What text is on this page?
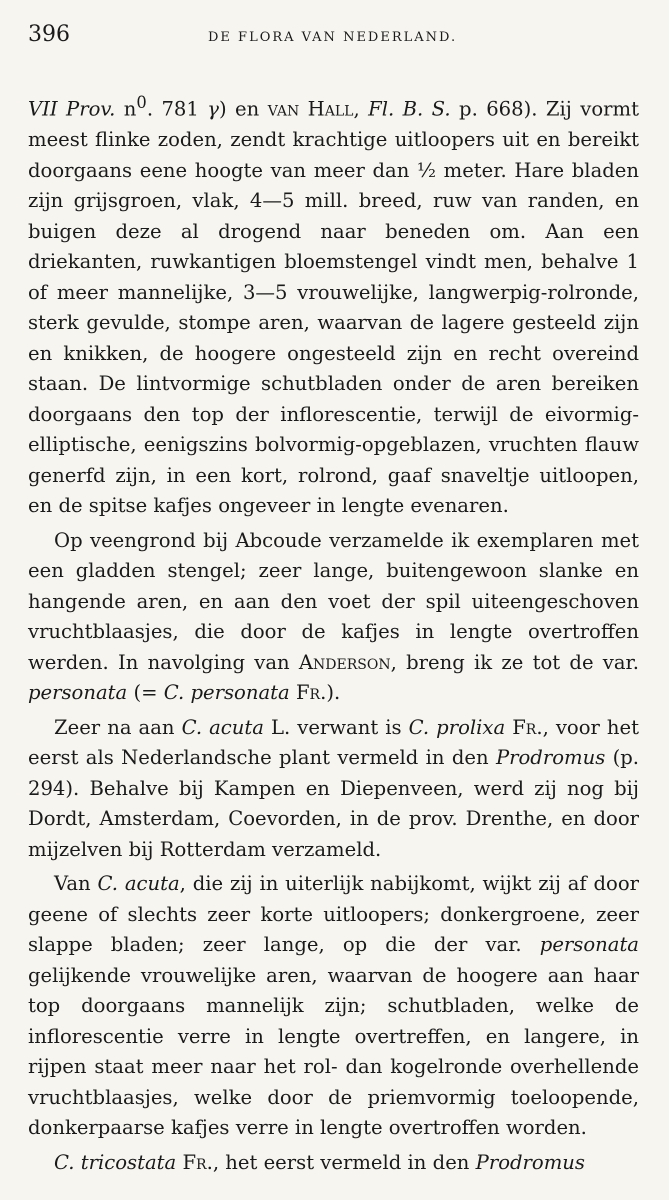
396	DE FLORA VAN NEDERLAND.

VII Prov. $n^0$. 781 γ) en van Hall, Fl. B. S. p. 668). Zij vormt meest flinke zoden, zendt krachtige uitloopers uit en bereikt doorgaans eene hoogte van meer dan ½ meter. Hare bladen zijn grijsgroen, vlak, 4—5 mill. breed, ruw van randen, en buigen deze al drogend naar beneden om. Aan een driekanten, ruwkantigen bloemstengel vindt men, behalve 1 of meer mannelijke, 3—5 vrouwelijke, langwerpig-rolronde, sterk gevulde, stompe aren, waarvan de lagere gesteeld zijn en knikken, de hoogere ongesteeld zijn en recht overeind staan. De lintvormige schutbladen onder de aren bereiken doorgaans den top der inflorescentie, terwijl de eivormig-elliptische, eenigszins bolvormig-opgeblazen, vruchten flauw generfd zijn, in een kort, rolrond, gaaf snaveltje uitloopen, en de spitse kafjes ongeveer in lengte evenaren.

Op veengrond bij Abcoude verzamelde ik exemplaren met een gladden stengel; zeer lange, buitengewoon slanke en hangende aren, en aan den voet der spil uiteengeschoven vruchtblaasjes, die door de kafjes in lengte overtroffen werden. In navolging van Anderson, breng ik ze tot de var. personata (= C. personata Fr.).

Zeer na aan C. acuta L. verwant is C. prolixa Fr., voor het eerst als Nederlandsche plant vermeld in den Prodromus (p. 294). Behalve bij Kampen en Diepenveen, werd zij nog bij Dordt, Amsterdam, Coevorden, in de prov. Drenthe, en door mijzelven bij Rotterdam verzameld.

Van C. acuta, die zij in uiterlijk nabijkomt, wijkt zij af door geene of slechts zeer korte uitloopers; donkergroene, zeer slappe bladen; zeer lange, op die der var. personata gelijkende vrouwelijke aren, waarvan de hoogere aan haar top doorgaans mannelijk zijn; schutbladen, welke de inflorescentie verre in lengte overtreffen, en langere, in rijpen staat meer naar het rol- dan kogelronde overhellende vruchtblaasjes, welke door de priemvormig toeloopende, donkerpaarse kafjes verre in lengte overtroffen worden.

C. tricostata Fr., het eerst vermeld in den Prodromus
